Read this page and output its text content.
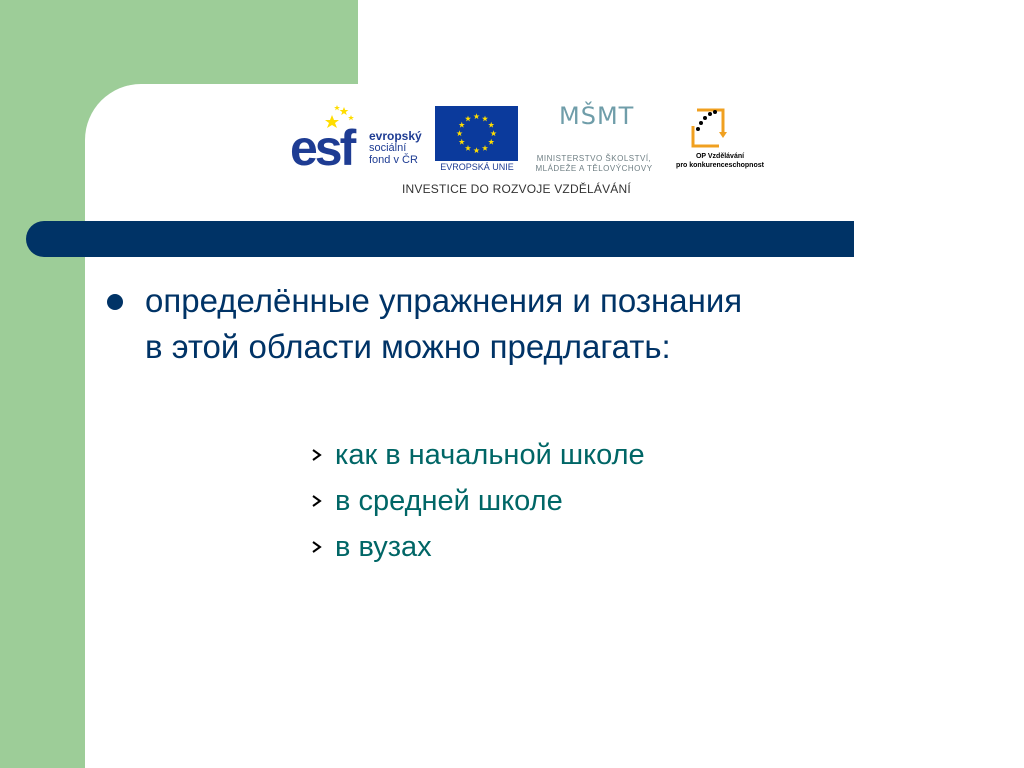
esf evropský
sociální
fond v ČR
EVROPSKÁ UNIE
MŠMT
MINISTERSTVO ŠKOLSTVÍ,
MLÁDEŽE A TĚLOVÝCHOVY
OP Vzdělávání
pro konkurenceschopnost
INVESTICE DO ROZVOJE VZDĚLÁVÁNÍ
определённые упражнения и познания
в этой области можно предлагать:
как в начальной школе
в средней школе
в вузах
